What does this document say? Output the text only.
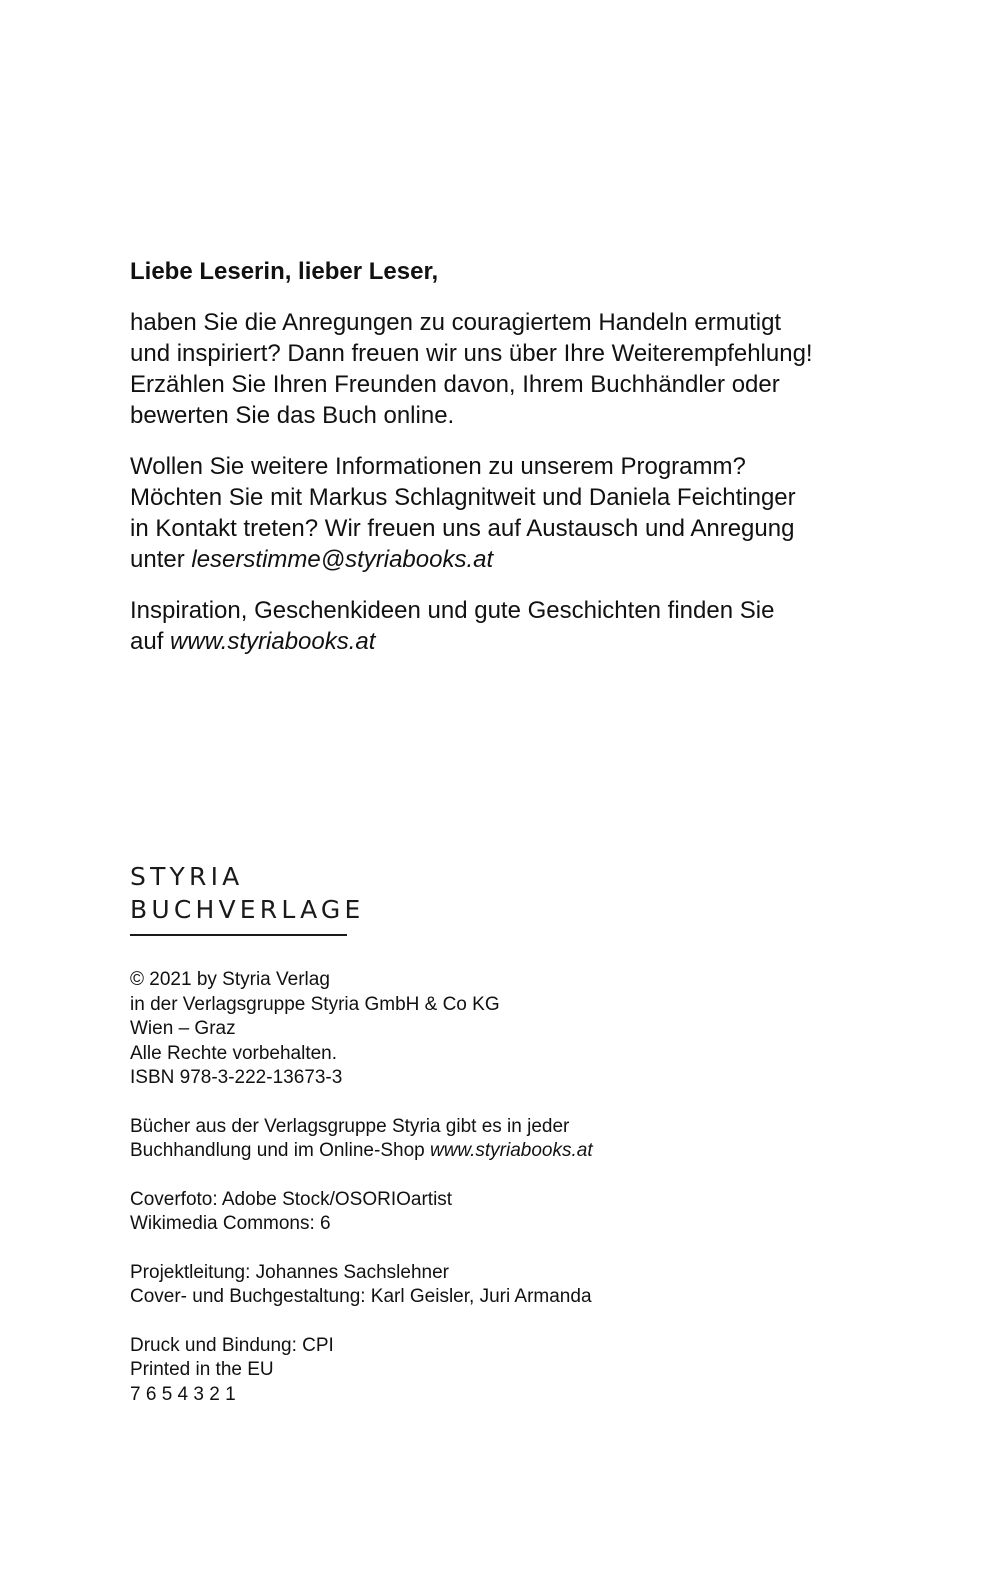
Liebe Leserin, lieber Leser,
haben Sie die Anregungen zu couragiertem Handeln ermutigt
und inspiriert? Dann freuen wir uns über Ihre Weiterempfehlung!
Erzählen Sie Ihren Freunden davon, Ihrem Buchhändler oder
bewerten Sie das Buch online.
Wollen Sie weitere Informationen zu unserem Programm?
Möchten Sie mit Markus Schlagnitweit und Daniela Feichtinger
in Kontakt treten? Wir freuen uns auf Austausch und Anregung
unter leserstimme@styriabooks.at
Inspiration, Geschenkideen und gute Geschichten finden Sie
auf www.styriabooks.at
STYRIA
BUCHVERLAGE
© 2021 by Styria Verlag
in der Verlagsgruppe Styria GmbH & Co KG
Wien – Graz
Alle Rechte vorbehalten.
ISBN 978-3-222-13673-3
Bücher aus der Verlagsgruppe Styria gibt es in jeder
Buchhandlung und im Online-Shop www.styriabooks.at
Coverfoto: Adobe Stock/OSORIOartist
Wikimedia Commons: 6
Projektleitung: Johannes Sachslehner
Cover- und Buchgestaltung: Karl Geisler, Juri Armanda
Druck und Bindung: CPI
Printed in the EU
7 6 5 4 3 2 1
